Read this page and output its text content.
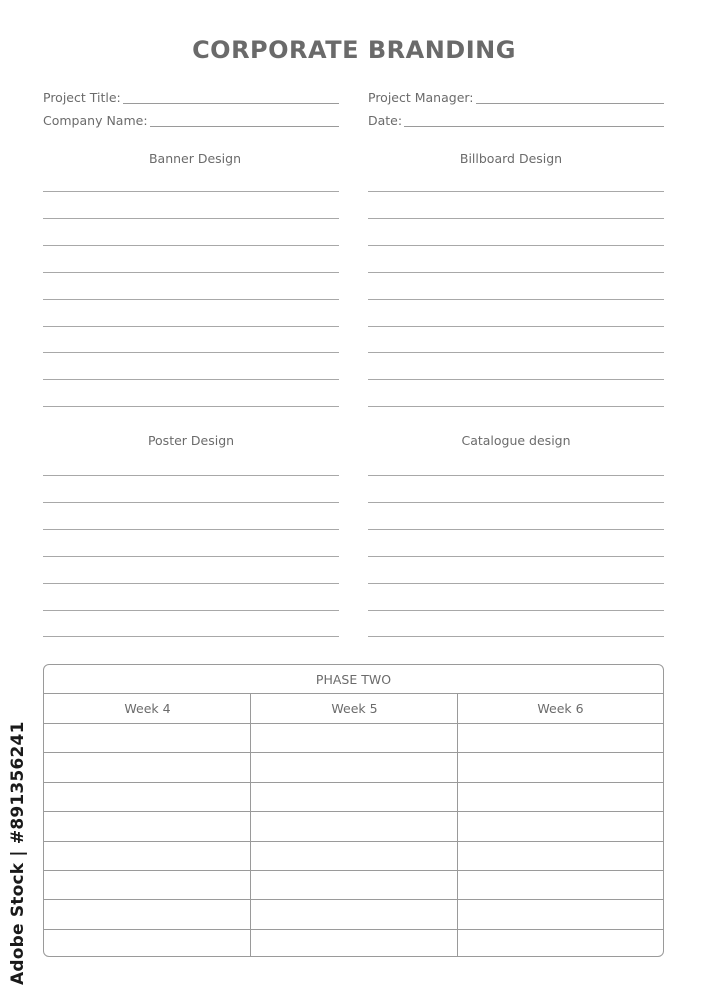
CORPORATE BRANDING
Project Title:
Company Name:
Project Manager:
Date:
Banner Design	Billboard Design
Poster Design	Catalogue design
PHASE TWO
Week 4	Week 5	Week 6
Adobe Stock | #891356241
